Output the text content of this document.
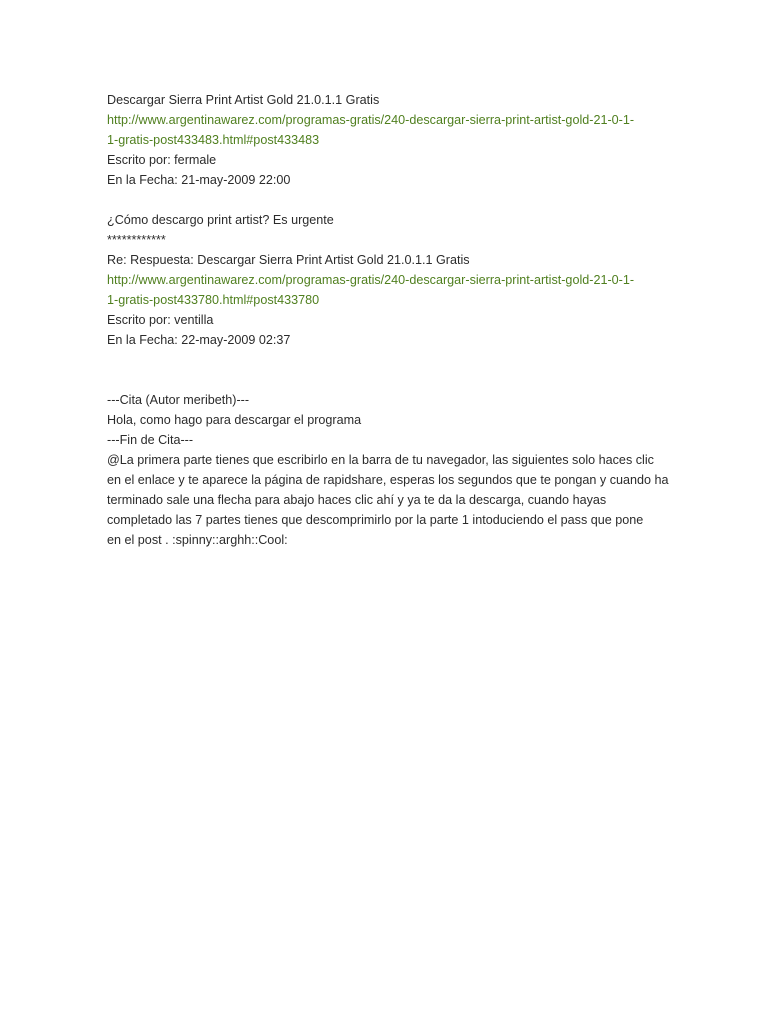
Descargar Sierra Print Artist Gold 21.0.1.1 Gratis
http://www.argentinawarez.com/programas-gratis/240-descargar-sierra-print-artist-gold-21-0-1-
1-gratis-post433483.html#post433483
Escrito por: fermale
En la Fecha: 21-may-2009 22:00
¿Cómo descargo print artist? Es urgente
************
Re: Respuesta: Descargar Sierra Print Artist Gold 21.0.1.1 Gratis
http://www.argentinawarez.com/programas-gratis/240-descargar-sierra-print-artist-gold-21-0-1-
1-gratis-post433780.html#post433780
Escrito por: ventilla
En la Fecha: 22-may-2009 02:37
---Cita (Autor meribeth)---
Hola, como hago para descargar el programa
---Fin de Cita---
@La primera parte tienes que escribirlo en la barra de tu navegador, las siguientes solo haces clic
en el enlace y te aparece la página de rapidshare, esperas los segundos que te pongan y cuando ha
terminado sale una flecha para abajo haces clic ahí y ya te da la descarga, cuando hayas
completado las 7 partes tienes que descomprimirlo por la parte 1 intoduciendo el pass que pone
en el post . :spinny::arghh::Cool:
